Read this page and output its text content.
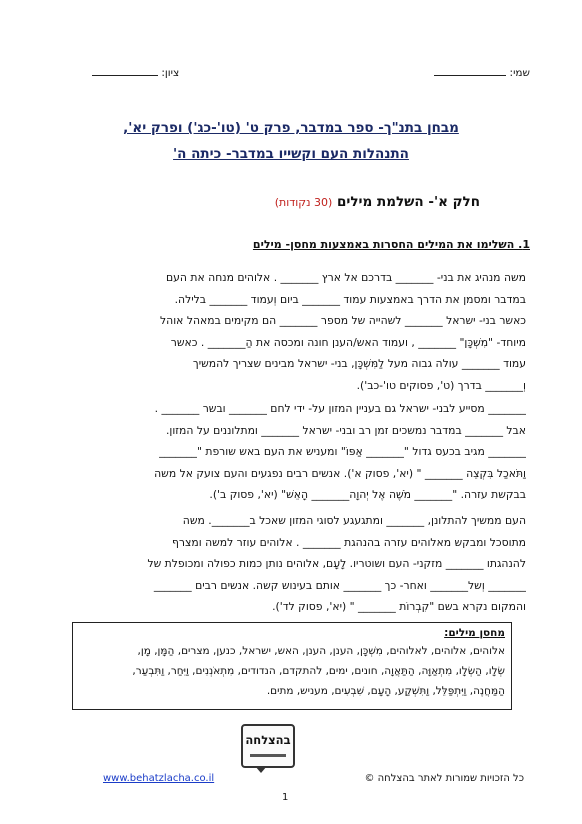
שמי:
ציון:
מבחן בתנ"ך- ספר במדבר, פרק ט' (טו'-כג') ופרק יא',
התנהלות העם וקשייו במדבר- כיתה ה'
חלק א'- השלמת מילים (30 נקודות)
1. השלימו את המילים החסרות באמצעות מחסן- מילים
משה מנהיג את בני- _______ בדרכם אל ארץ _______ . אלוהים מנחה את העם
במדבר ומסמן את הדרך באמצעות עמוד _______ ביום וְעמוד _______ בלילה.
כאשר בני- ישראל _______ לשהייה של מספר _______ הם מקימים במאהל אוהל
מיוחד- "מִשְׁכָּן" _______ , ועמוד האש/הענן חונה ומכסה את הַ_______ . כאשר
עמוד _______ עולה גבוה מעל לַמִּשְׁכָּן, בני- ישראל מבינים שצריך להמשיך
וְ_______ בדרך (ט', פסוקים טו'-כב').
_______ מסייע לבני- ישראל גם בעניין המזון על- ידי לחם _______ ובשר _______ .
אבל _______ במדבר נמשכים זמן רב ובני- ישראל _______ ומתלוננים על המזון.
_______ מגיב בכעס גדול "_______ אַפּוֹ" ומעניש את העם באש שורפת "_______
וַתֹּאכַל בִּקְצֵה _______ " (יא', פסוק א'). אנשים רבים נפגעים והעם צועק אל משה
בבקשת עזרה. "_______ מֹשֶׁה אֶל יְהוָה_______ הָאֵשׁ" (יא', פסוק ב').
העם ממשיך להתלונן, _______ ומתגעגע לסוגי המזון שאכל ב_______. משה
מתוסכל ומבקש מאלוהים עזרה בהנהגת _______ . אלוהים עוזר למשה ומצרף
להנהגתו _______ מזקני- העם ושוטריו. לָעָם, אלוהים נותן כמות כפולה ומכופלת של
_______ וְשל_______ ואחר- כך _______ אותם בעינוש קשה. אנשים רבים _______
והמקום נקרא בשם "קִבְרוֹת _______ " (יא', פסוק לד').
מחסן מילים:
אלוהים, אלוהים, לאלוהים, מִשְׁכָּן, הענן, הענן, האש, ישראל, כנען, מצרים, הַמָּן, מָן,
שְׂלָו, הַשְׂלָו, מִתְאַוָּה, הַתַּאֲוָה, חונים, ימים, להתקדם, הנדודים, מִתְאֹנְנִים, וַיִּחַר, וַתִּבְעַר,
הַמַּחֲנֶה, וַיִּתְפַּלֵּל, וַתִּשְׁקַע, הָעָם, שִׁבְעִים, מעניש, מתים.
בהצלחה
www.behatzlacha.co.il	כל הזכויות שמורות לאתר בהצלחה ©
1
